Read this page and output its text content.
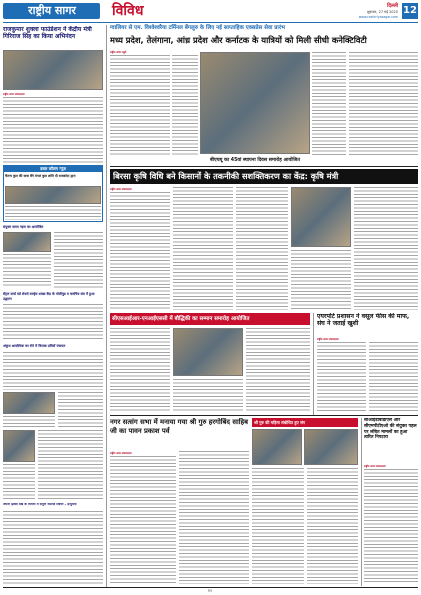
राष्ट्रीय सागर	विविध	दिल्ली
शुक्रवार, 27 मई 2025
www.rashtriyasagar.com
12
राजकुमार शुक्ला फाउंडेशन ने केंद्रीय मंत्री गिरिराज सिंह का किया अभिनंदन
राष्ट्रीय सागर संवाददाता
डबल कॉलम न्यूज़
चैतन्य कुल की यात्रा बेंगे मंगलं कुल शांति दी राजकोटा द्वारा
संयुक्त सराय नहरा का आयोजित
सेंट्रल वर्ल्ड वर्ड शेयर्स वर्ल्ड्स शाखा केंद्र के मोलीवुड व चलचित्र संघ में हुआ उद्घाटन
अंकुश आवश्यिक का रोते में किताब प्रतिवाँ पंचायत
अपनी झांसी देखे के विमान में संपूर्ण नेडिन्ज़ शिविर – इन्दुमती
ग्वालियर से एम. विश्वेश्वरैया टर्मिनल बेंगलुरु के लिए नई साप्ताहिक एक्सप्रेस सेवा प्रारंभ
मध्य प्रदेश, तेलंगाना, आंध्र प्रदेश और कर्नाटक के यात्रियों को मिली सीधी कनेक्टिविटी
राष्ट्रीय सागर ब्यूरो
बीएचयू का 45वां स्थापना दिवस समारोह आयोजित
बिरसा कृषि विधि बने किसानों के तकनीकी सशक्तिकरण का केंद्र: कृषि मंत्री
राष्ट्रीय सागर संवाददाता
सीएसआईआर-एनआईएससी में बौद्धिकी का सम्मान समारोह आयोजित	एयरपोर्ट प्रशासन ने वसूल फीस की माफ, संघ ने जताई खुशी
राष्ट्रीय सागर संवाददाता
नगर सत्संग सभा में मनाया गया श्री गुरु हरगोबिंद साहिब जी का पावन प्रकाश पर्व
श्री गुरु की महिमा संबोधित हुए संग
राष्ट्रीय सागर संवाददाता
सीआईडीबीडीएस और सीएमपीटीएओ की संयुक्त पहल पर लंबित मामलों का हुआ त्वरित निपटारा
राष्ट्रीय सागर संवाददाता
१२
